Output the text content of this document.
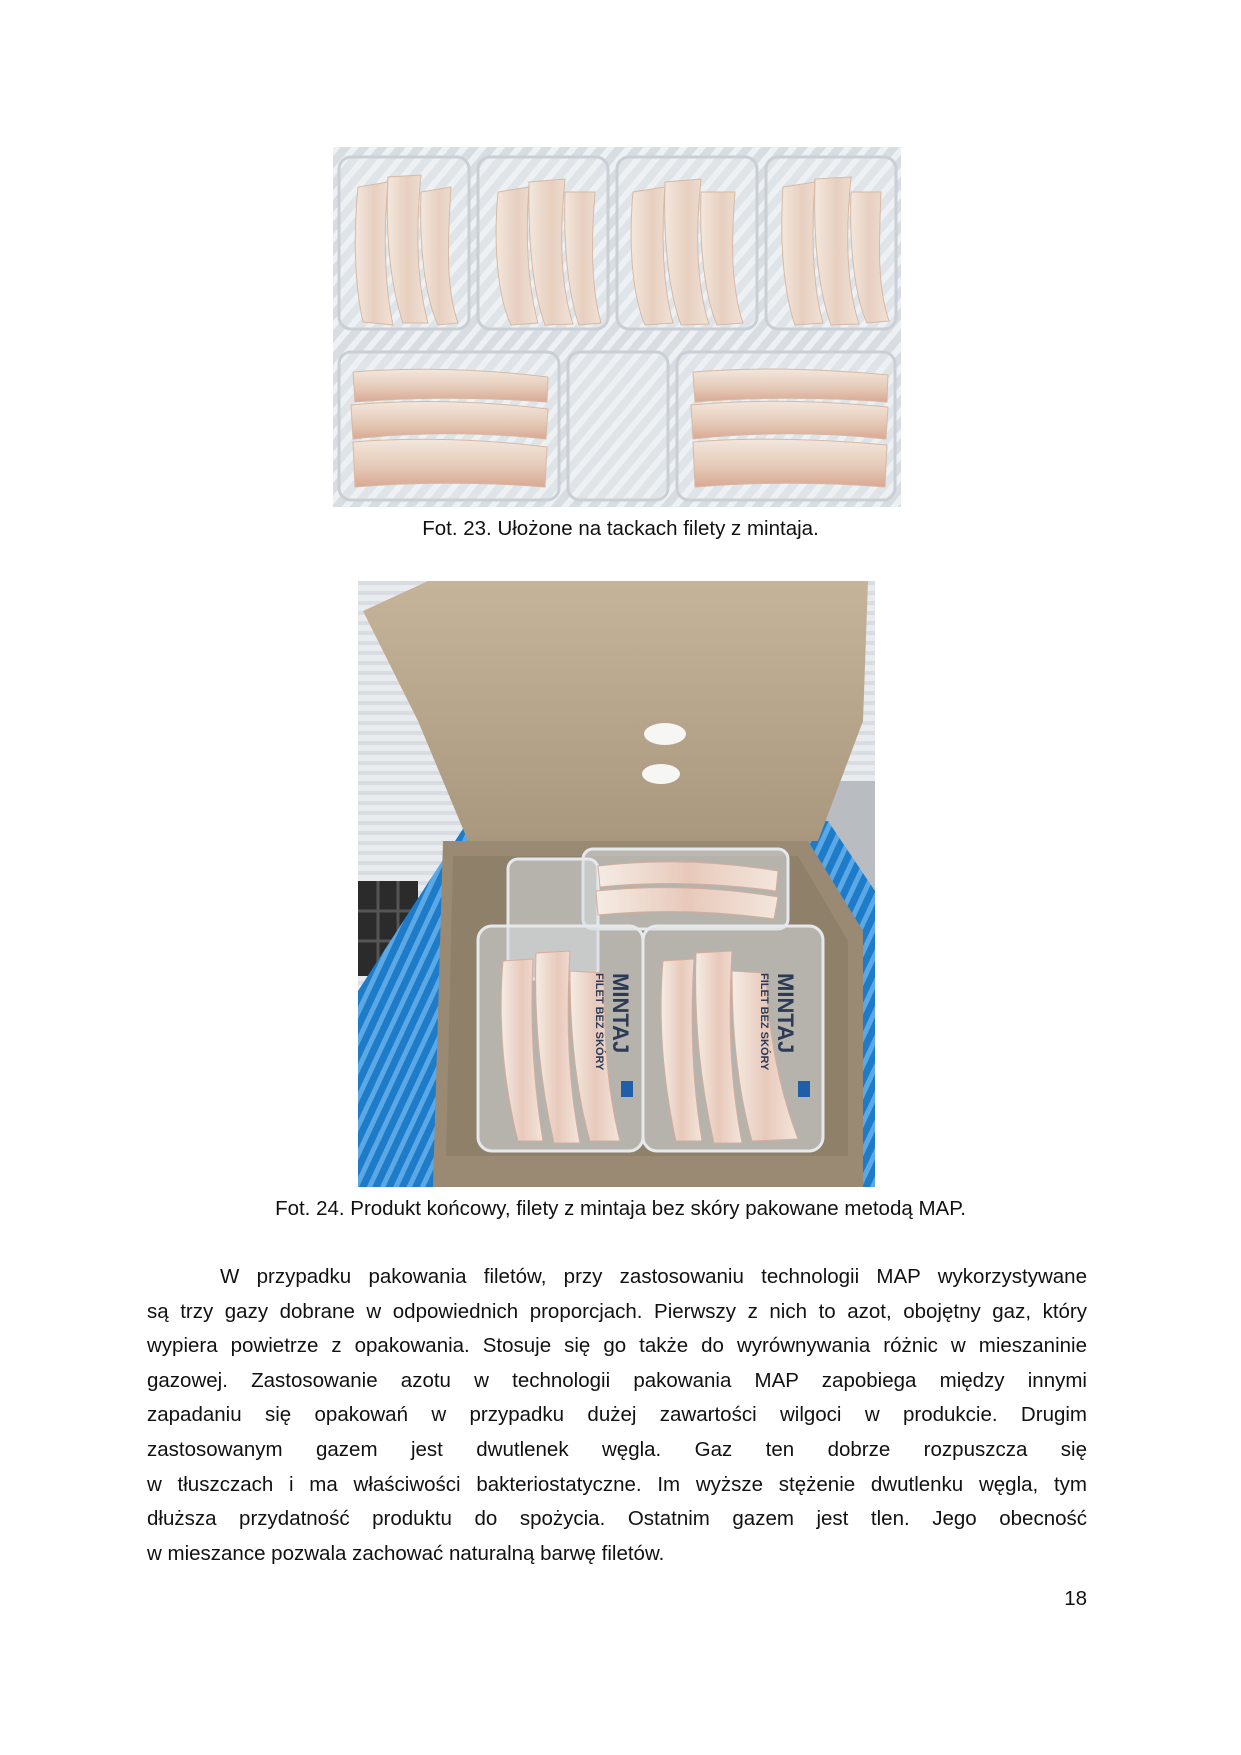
Fot. 23. Ułożone na tackach filety z mintaja.
MINTAJ
FILET BEZ SKÓRY	MINTAJ
FILET BEZ SKÓRY
Fot. 24. Produkt końcowy, filety z mintaja bez skóry pakowane metodą MAP.
W przypadku pakowania filetów, przy zastosowaniu technologii MAP wykorzystywane
są trzy gazy dobrane w odpowiednich proporcjach. Pierwszy z nich to azot, obojętny gaz, który
wypiera powietrze z opakowania. Stosuje się go także do wyrównywania różnic w mieszaninie
gazowej. Zastosowanie azotu w technologii pakowania MAP zapobiega między innymi
zapadaniu się opakowań w przypadku dużej zawartości wilgoci w produkcie. Drugim
zastosowanym gazem jest dwutlenek węgla. Gaz ten dobrze rozpuszcza się
w tłuszczach i ma właściwości bakteriostatyczne. Im wyższe stężenie dwutlenku węgla, tym
dłuższa przydatność produktu do spożycia. Ostatnim gazem jest tlen. Jego obecność
w mieszance pozwala zachować naturalną barwę filetów.
18
